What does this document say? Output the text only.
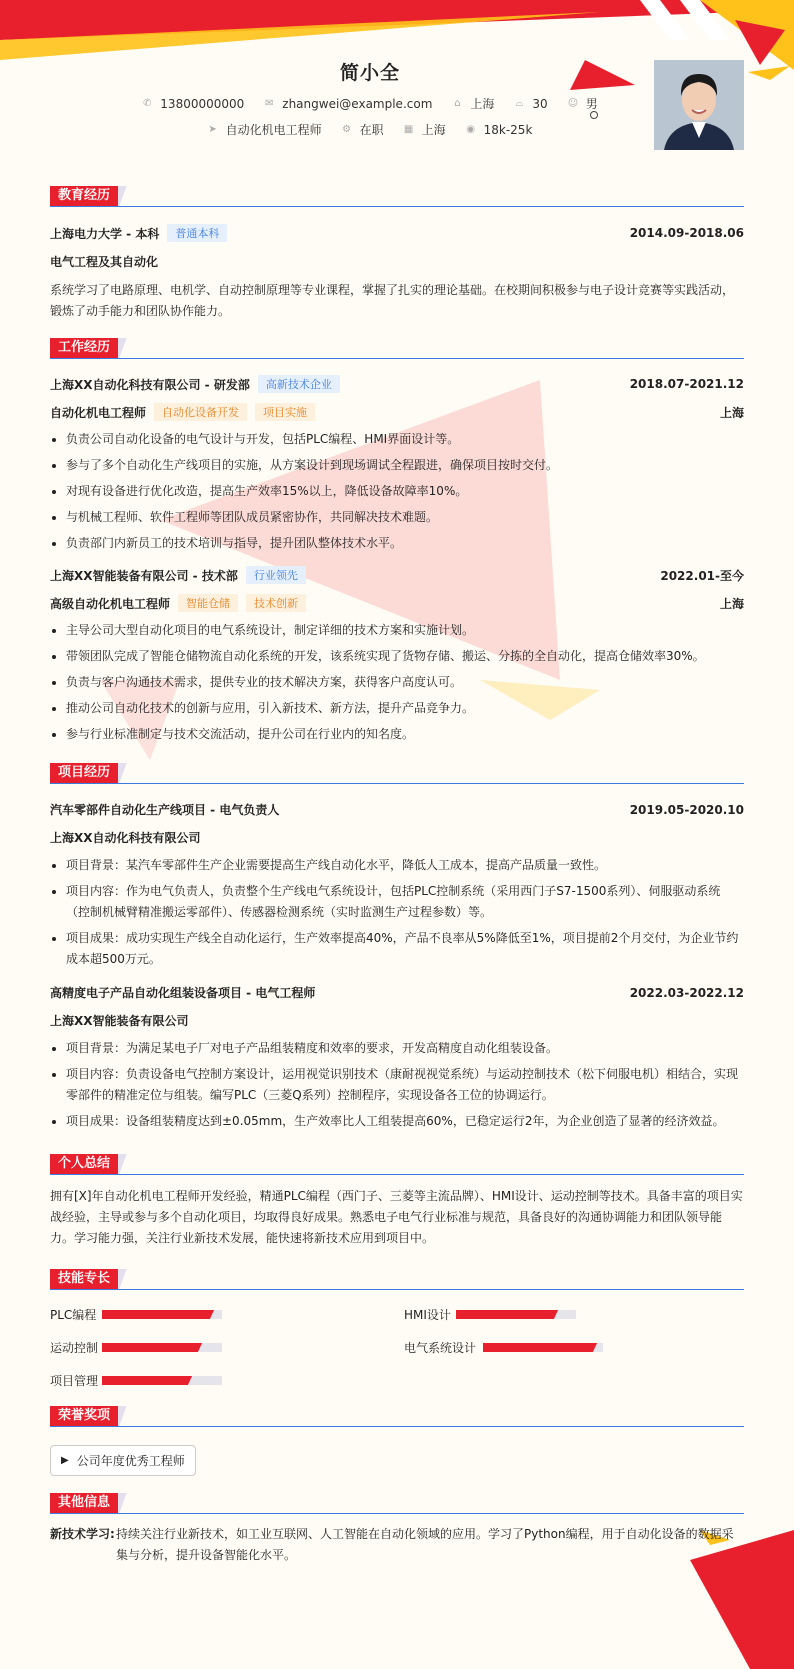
简小全
✆ 13800000000 ✉ zhangwei@example.com ⌂ 上海 ⌓ 30 ☺ 男
➤ 自动化机电工程师 ⚙ 在职 ▦ 上海 ◉ 18k-25k
教育经历
上海电力大学 - 本科	普通本科	2014.09-2018.06
电气工程及其自动化
系统学习了电路原理、电机学、自动控制原理等专业课程，掌握了扎实的理论基础。在校期间积极参与电子设计竞赛等实践活动，锻炼了动手能力和团队协作能力。
工作经历
上海XX自动化科技有限公司 - 研发部	高新技术企业	2018.07-2021.12
自动化机电工程师	自动化设备开发	项目实施	上海
负责公司自动化设备的电气设计与开发，包括PLC编程、HMI界面设计等。
参与了多个自动化生产线项目的实施，从方案设计到现场调试全程跟进，确保项目按时交付。
对现有设备进行优化改造，提高生产效率15%以上，降低设备故障率10%。
与机械工程师、软件工程师等团队成员紧密协作，共同解决技术难题。
负责部门内新员工的技术培训与指导，提升团队整体技术水平。
上海XX智能装备有限公司 - 技术部	行业领先	2022.01-至今
高级自动化机电工程师	智能仓储	技术创新	上海
主导公司大型自动化项目的电气系统设计，制定详细的技术方案和实施计划。
带领团队完成了智能仓储物流自动化系统的开发，该系统实现了货物存储、搬运、分拣的全自动化，提高仓储效率30%。
负责与客户沟通技术需求，提供专业的技术解决方案，获得客户高度认可。
推动公司自动化技术的创新与应用，引入新技术、新方法，提升产品竞争力。
参与行业标准制定与技术交流活动，提升公司在行业内的知名度。
项目经历
汽车零部件自动化生产线项目 - 电气负责人	2019.05-2020.10
上海XX自动化科技有限公司
项目背景：某汽车零部件生产企业需要提高生产线自动化水平，降低人工成本，提高产品质量一致性。
项目内容：作为电气负责人，负责整个生产线电气系统设计，包括PLC控制系统（采用西门子S7-1500系列）、伺服驱动系统（控制机械臂精准搬运零部件）、传感器检测系统（实时监测生产过程参数）等。
项目成果：成功实现生产线全自动化运行，生产效率提高40%，产品不良率从5%降低至1%，项目提前2个月交付，为企业节约成本超500万元。
高精度电子产品自动化组装设备项目 - 电气工程师	2022.03-2022.12
上海XX智能装备有限公司
项目背景：为满足某电子厂对电子产品组装精度和效率的要求，开发高精度自动化组装设备。
项目内容：负责设备电气控制方案设计，运用视觉识别技术（康耐视视觉系统）与运动控制技术（松下伺服电机）相结合，实现零部件的精准定位与组装。编写PLC（三菱Q系列）控制程序，实现设备各工位的协调运行。
项目成果：设备组装精度达到±0.05mm，生产效率比人工组装提高60%，已稳定运行2年，为企业创造了显著的经济效益。
个人总结
拥有[X]年自动化机电工程师开发经验，精通PLC编程（西门子、三菱等主流品牌）、HMI设计、运动控制等技术。具备丰富的项目实战经验，主导或参与多个自动化项目，均取得良好成果。熟悉电子电气行业标准与规范，具备良好的沟通协调能力和团队领导能力。学习能力强，关注行业新技术发展，能快速将新技术应用到项目中。
技能专长
PLC编程	HMI设计
运动控制	电气系统设计
项目管理
荣誉奖项
▶ 公司年度优秀工程师
其他信息
新技术学习: 持续关注行业新技术，如工业互联网、人工智能在自动化领域的应用。学习了Python编程，用于自动化设备的数据采集与分析，提升设备智能化水平。
